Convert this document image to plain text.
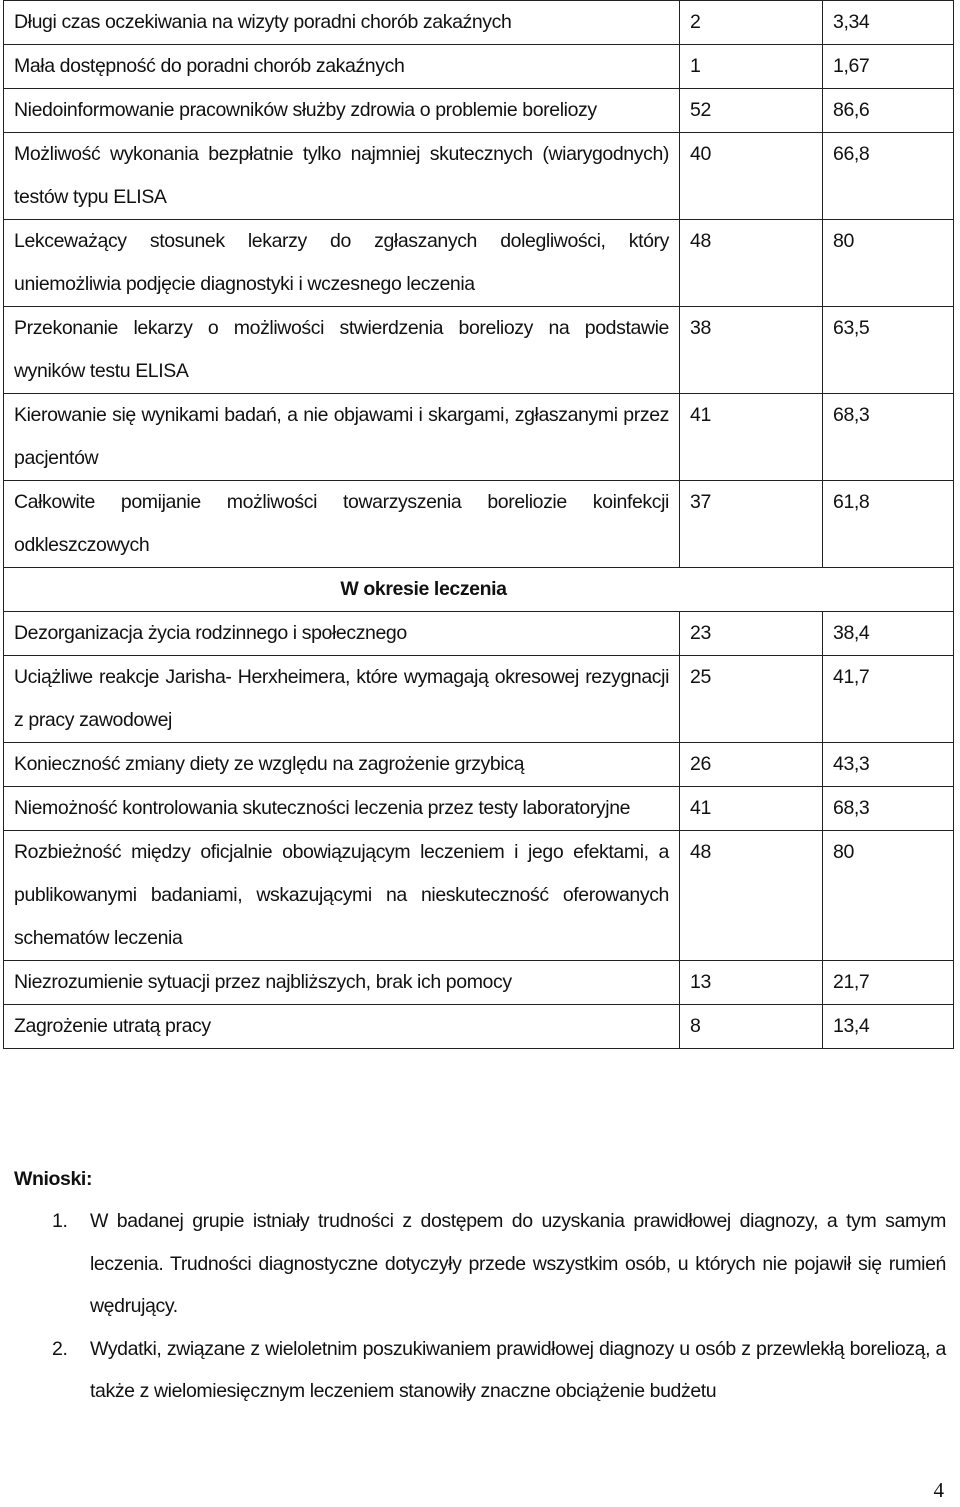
Długi czas oczekiwania na wizyty poradni chorób zakaźnych	2	3,34
Mała dostępność do poradni chorób zakaźnych	1	1,67
Niedoinformowanie pracowników służby zdrowia o problemie boreliozy	52	86,6
Możliwość wykonania bezpłatnie tylko najmniej skutecznych (wiarygodnych) testów typu ELISA	40	66,8
Lekceważący stosunek lekarzy do zgłaszanych dolegliwości, który uniemożliwia podjęcie diagnostyki i wczesnego leczenia	48	80
Przekonanie lekarzy o możliwości stwierdzenia boreliozy na podstawie wyników testu ELISA	38	63,5
Kierowanie się wynikami badań, a nie objawami i skargami, zgłaszanymi przez pacjentów	41	68,3
Całkowite pomijanie możliwości towarzyszenia boreliozie koinfekcji odkleszczowych	37	61,8
W okresie leczenia		
Dezorganizacja życia rodzinnego i społecznego	23	38,4
Uciążliwe reakcje Jarisha- Herxheimera, które wymagają okresowej rezygnacji z pracy zawodowej	25	41,7
Konieczność zmiany diety ze względu na zagrożenie grzybicą	26	43,3
Niemożność kontrolowania skuteczności leczenia przez testy laboratoryjne	41	68,3
Rozbieżność między oficjalnie obowiązującym leczeniem i jego efektami, a publikowanymi badaniami, wskazującymi na nieskuteczność oferowanych schematów leczenia	48	80
Niezrozumienie sytuacji przez najbliższych, brak ich pomocy	13	21,7
Zagrożenie utratą pracy	8	13,4

Wnioski:

1. W badanej grupie istniały trudności z dostępem do uzyskania prawidłowej diagnozy, a tym samym leczenia. Trudności diagnostyczne dotyczyły przede wszystkim osób, u których nie pojawił się rumień wędrujący.
2. Wydatki, związane z wieloletnim poszukiwaniem prawidłowej diagnozy u osób z przewlekłą boreliozą, a także z wielomiesięcznym leczeniem stanowiły znaczne obciążenie budżetu
4
